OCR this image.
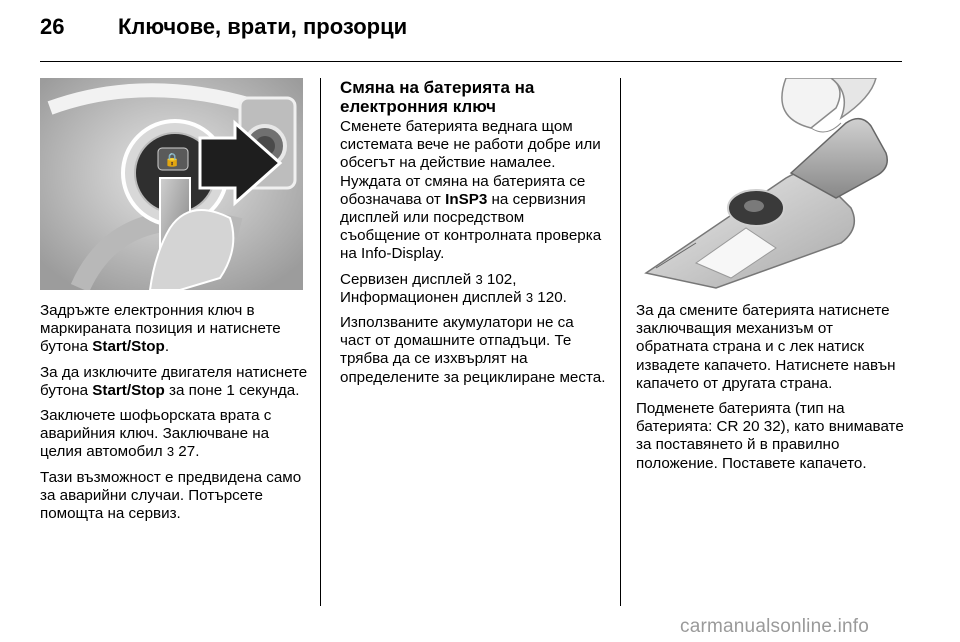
26	Ключове, врати, прозорци
🔒

Задръжте електронния ключ в маркираната позиция и натиснете бутона Start/Stop.

За да изключите двигателя натиснете бутона Start/Stop за поне 1 секунда.

Заключете шофьорската врата с аварийния ключ. Заключване на целия автомобил 3 27.

Тази възможност е предвидена само за аварийни случаи. Потърсете помощта на сервиз.

Смяна на батерията на електронния ключ

Сменете батерията веднага щом системата вече не работи добре или обсегът на действие намалее. Нуждата от смяна на батерията се обозначава от InSP3 на сервизния дисплей или посредством съобщение от контролната проверка на Info-Display.

Сервизен дисплей 3 102, Информационен дисплей 3 120.

Използваните акумулатори не са част от домашните отпадъци. Те трябва да се изхвърлят на определените за рециклиране места.

За да смените батерията натиснете заключващия механизъм от обратната страна и с лек натиск извадете капачето. Натиснете навън капачето от другата страна.

Подменете батерията (тип на батерията: CR 20 32), като внимавате за поставянето й в правилно положение. Поставете капачето.

carmanualsonline.info
